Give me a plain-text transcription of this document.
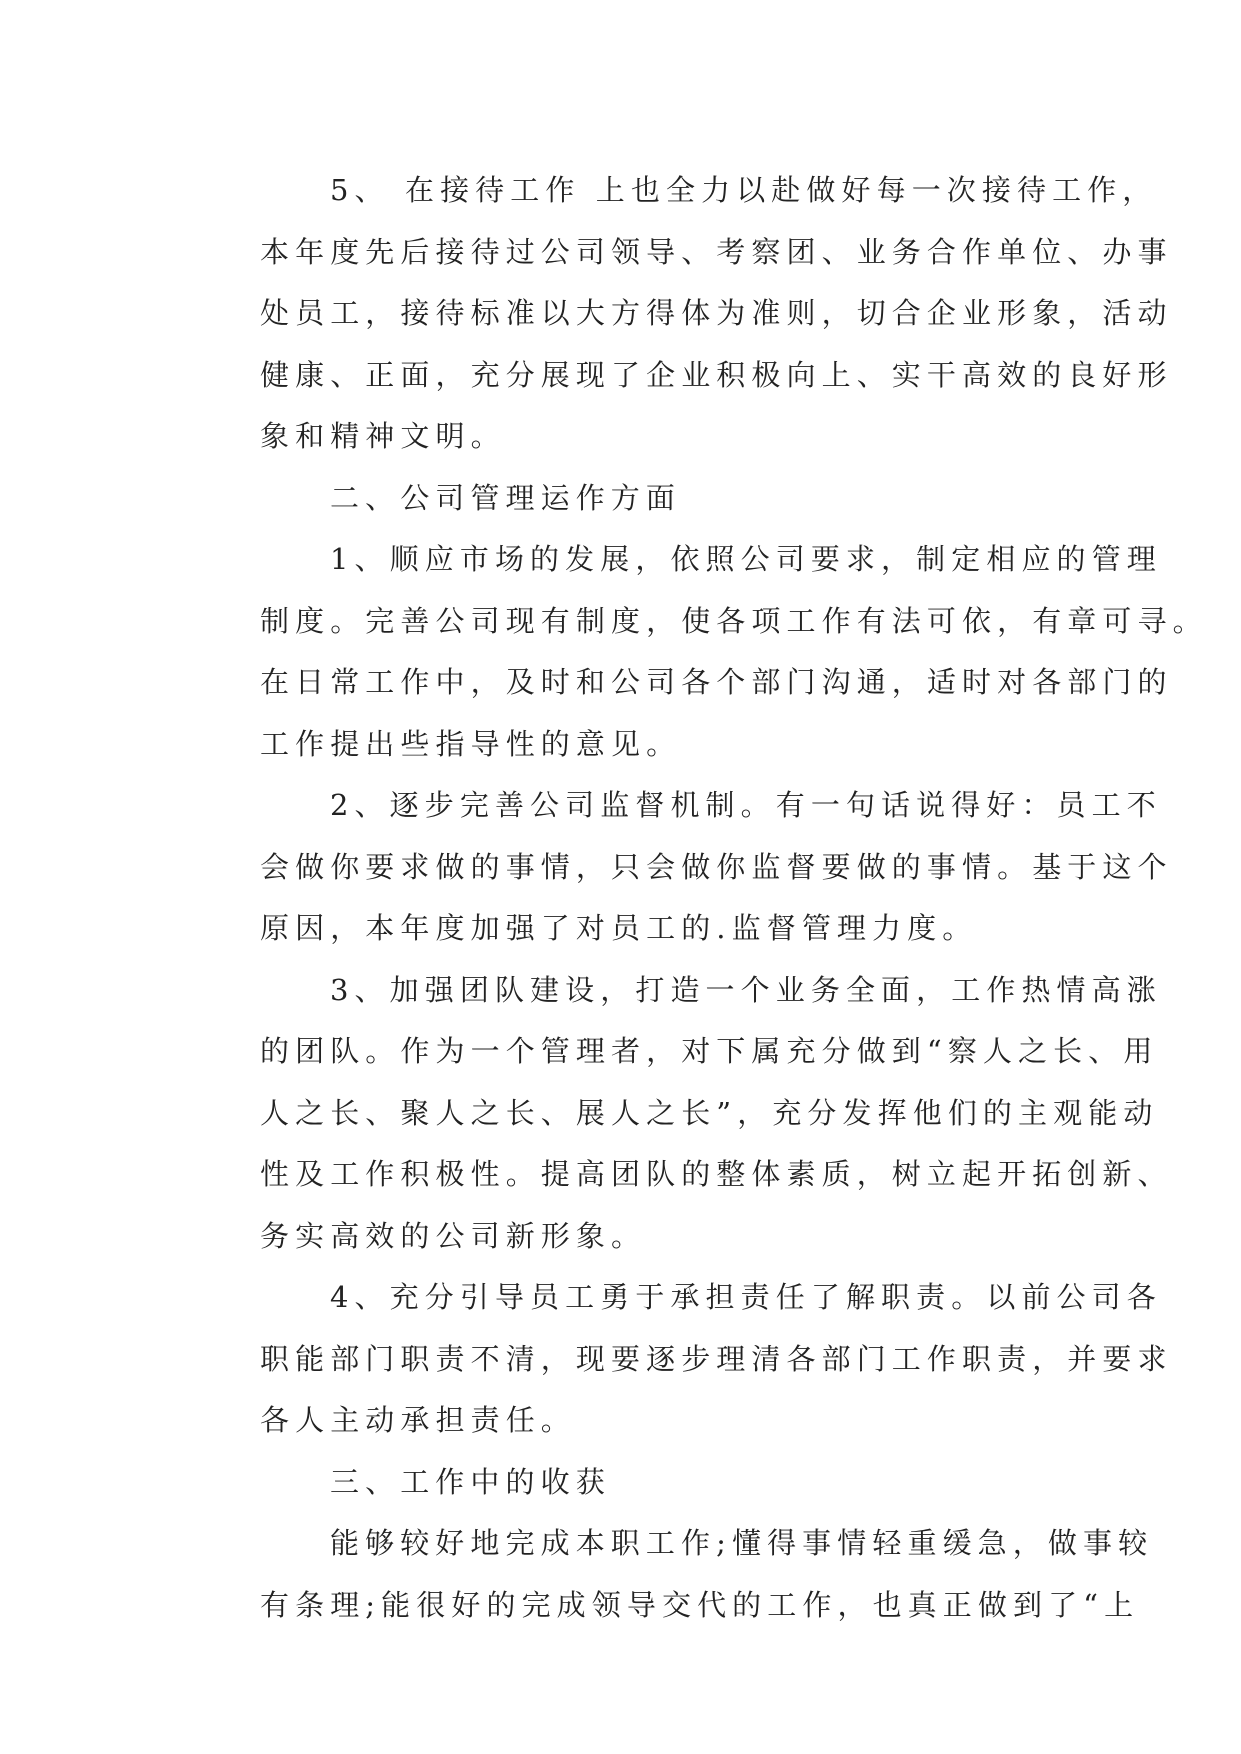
5、 在接待工作 上也全力以赴做好每一次接待工作，
本年度先后接待过公司领导、考察团、业务合作单位、办事
处员工，接待标准以大方得体为准则，切合企业形象，活动
健康、正面，充分展现了企业积极向上、实干高效的良好形
象和精神文明。
二、公司管理运作方面
1、顺应市场的发展，依照公司要求，制定相应的管理
制度。完善公司现有制度，使各项工作有法可依，有章可寻。
在日常工作中，及时和公司各个部门沟通，适时对各部门的
工作提出些指导性的意见。
2、逐步完善公司监督机制。有一句话说得好：员工不
会做你要求做的事情，只会做你监督要做的事情。基于这个
原因，本年度加强了对员工的.监督管理力度。
3、加强团队建设，打造一个业务全面，工作热情高涨
的团队。作为一个管理者，对下属充分做到“察人之长、用
人之长、聚人之长、展人之长”，充分发挥他们的主观能动
性及工作积极性。提高团队的整体素质，树立起开拓创新、
务实高效的公司新形象。
4、充分引导员工勇于承担责任了解职责。以前公司各
职能部门职责不清，现要逐步理清各部门工作职责，并要求
各人主动承担责任。
三、工作中的收获
能够较好地完成本职工作;懂得事情轻重缓急，做事较
有条理;能很好的完成领导交代的工作，也真正做到了“上
